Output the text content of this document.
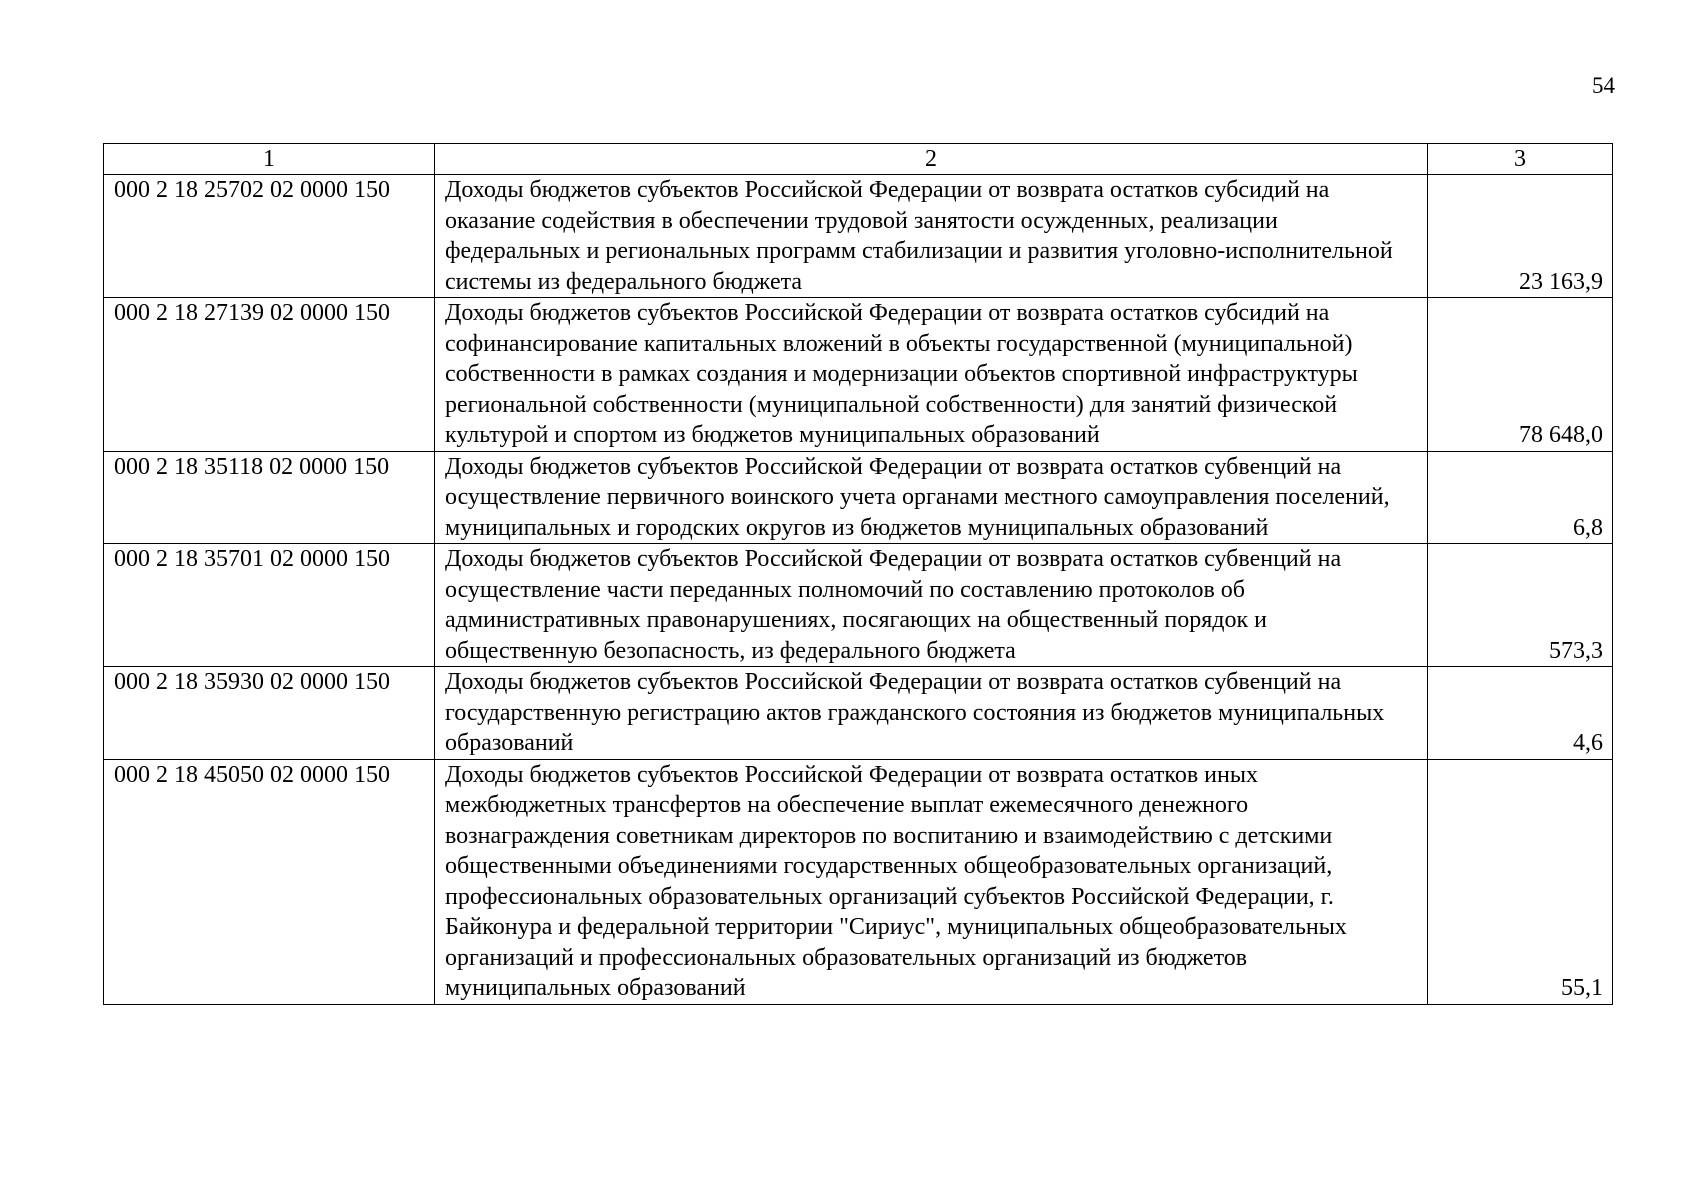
54
1	2	3
000 2 18 25702 02 0000 150	Доходы бюджетов субъектов Российской Федерации от возврата остатков субсидий на оказание содействия в обеспечении трудовой занятости осужденных, реализации федеральных и региональных программ стабилизации и развития уголовно-исполнительной системы из федерального бюджета	23 163,9
000 2 18 27139 02 0000 150	Доходы бюджетов субъектов Российской Федерации от возврата остатков субсидий на софинансирование капитальных вложений в объекты государственной (муниципальной) собственности в рамках создания и модернизации объектов спортивной инфраструктуры региональной собственности (муниципальной собственности) для занятий физической культурой и спортом из бюджетов муниципальных образований	78 648,0
000 2 18 35118 02 0000 150	Доходы бюджетов субъектов Российской Федерации от возврата остатков субвенций на осуществление первичного воинского учета органами местного самоуправления поселений, муниципальных и городских округов из бюджетов муниципальных образований	6,8
000 2 18 35701 02 0000 150	Доходы бюджетов субъектов Российской Федерации от возврата остатков субвенций на осуществление части переданных полномочий по составлению протоколов об административных правонарушениях, посягающих на общественный порядок и общественную безопасность, из федерального бюджета	573,3
000 2 18 35930 02 0000 150	Доходы бюджетов субъектов Российской Федерации от возврата остатков субвенций на государственную регистрацию актов гражданского состояния из бюджетов муниципальных образований	4,6
000 2 18 45050 02 0000 150	Доходы бюджетов субъектов Российской Федерации от возврата остатков иных межбюджетных трансфертов на обеспечение выплат ежемесячного денежного вознаграждения советникам директоров по воспитанию и взаимодействию с детскими общественными объединениями государственных общеобразовательных организаций, профессиональных образовательных организаций субъектов Российской Федерации, г. Байконура и федеральной территории "Сириус", муниципальных общеобразовательных организаций и профессиональных образовательных организаций из бюджетов муниципальных образований	55,1
